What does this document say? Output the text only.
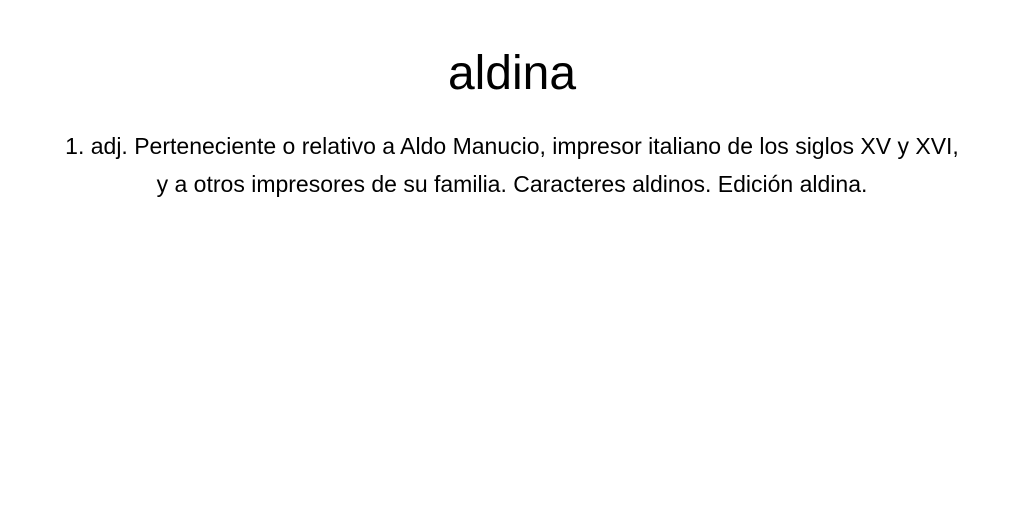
aldina

1. adj. Perteneciente o relativo a Aldo Manucio, impresor italiano de los siglos XV y XVI, y a otros impresores de su familia. Caracteres aldinos. Edición aldina.
